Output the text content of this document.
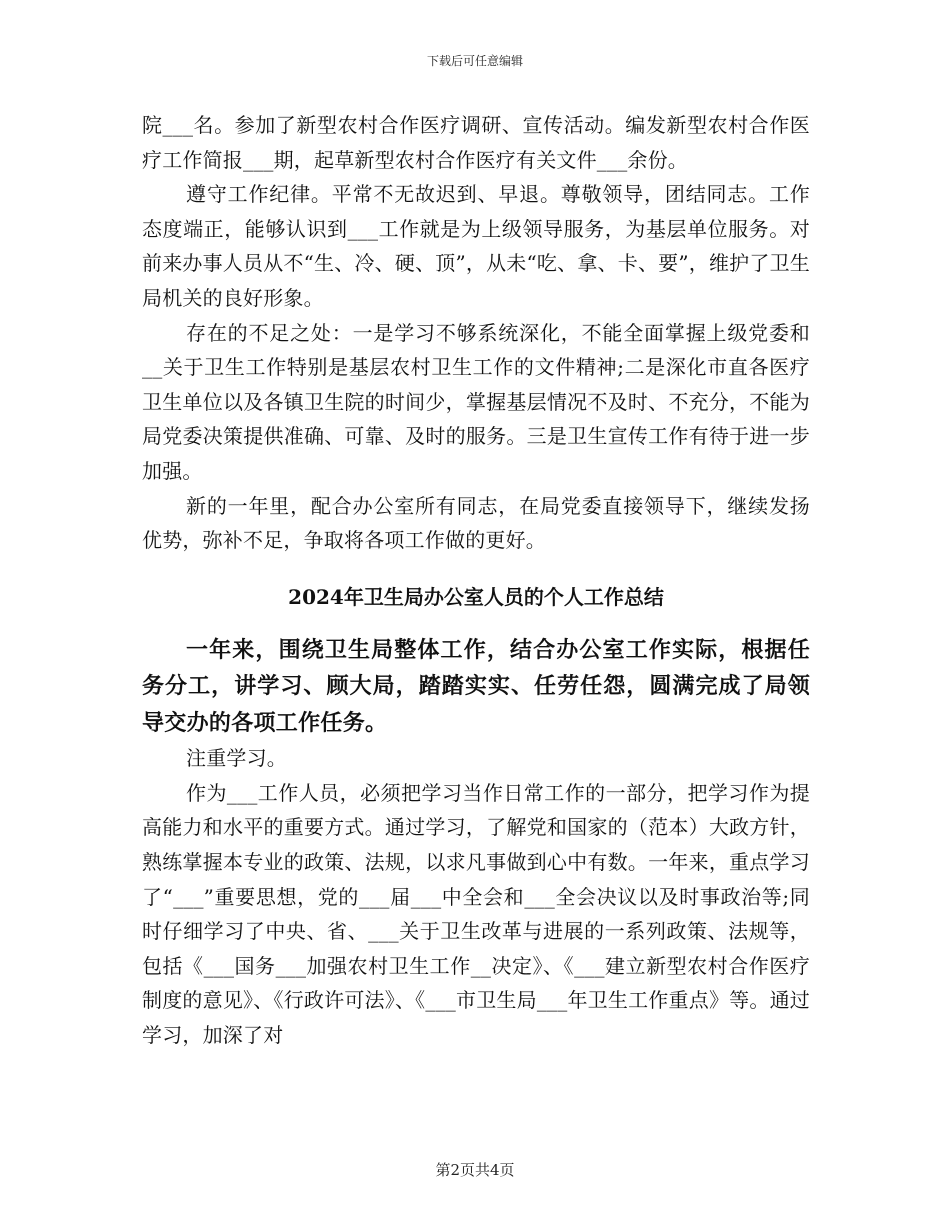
下载后可任意编辑

院___名。参加了新型农村合作医疗调研、宣传活动。编发新型农村合作医疗工作简报___期，起草新型农村合作医疗有关文件___余份。

遵守工作纪律。平常不无故迟到、早退。尊敬领导，团结同志。工作态度端正，能够认识到___工作就是为上级领导服务，为基层单位服务。对前来办事人员从不“生、冷、硬、顶”，从未“吃、拿、卡、要”，维护了卫生局机关的良好形象。

存在的不足之处：一是学习不够系统深化，不能全面掌握上级党委和__关于卫生工作特别是基层农村卫生工作的文件精神;二是深化市直各医疗卫生单位以及各镇卫生院的时间少，掌握基层情况不及时、不充分，不能为局党委决策提供准确、可靠、及时的服务。三是卫生宣传工作有待于进一步加强。

新的一年里，配合办公室所有同志，在局党委直接领导下，继续发扬优势，弥补不足，争取将各项工作做的更好。

2024年卫生局办公室人员的个人工作总结

一年来，围绕卫生局整体工作，结合办公室工作实际，根据任务分工，讲学习、顾大局，踏踏实实、任劳任怨，圆满完成了局领导交办的各项工作任务。

注重学习。

作为___工作人员，必须把学习当作日常工作的一部分，把学习作为提高能力和水平的重要方式。通过学习，了解党和国家的（范本）大政方针，熟练掌握本专业的政策、法规，以求凡事做到心中有数。一年来，重点学习了“___”重要思想，党的___届___中全会和___全会决议以及时事政治等;同时仔细学习了中央、省、___关于卫生改革与进展的一系列政策、法规等，包括《___国务___加强农村卫生工作__决定》、《___建立新型农村合作医疗制度的意见》、《行政许可法》、《___市卫生局___年卫生工作重点》等。通过学习，加深了对

第2页共4页
